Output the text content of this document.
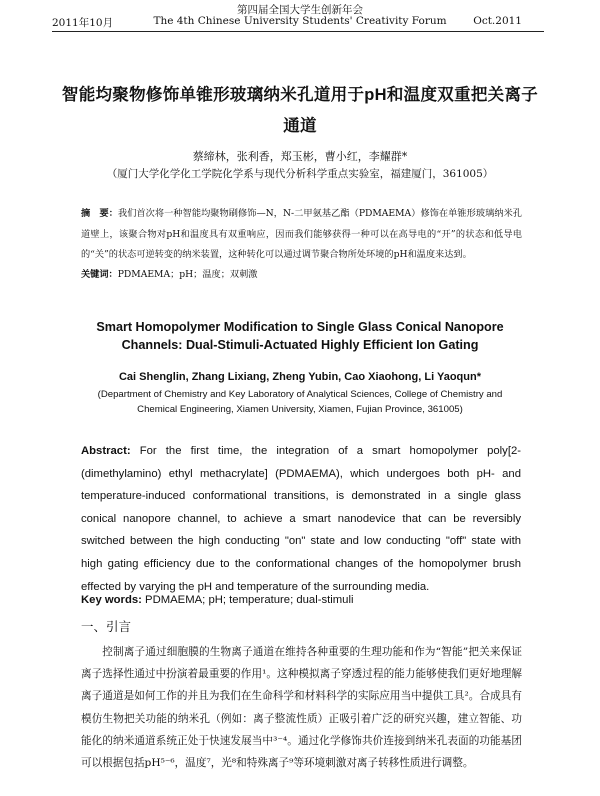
第四届全国大学生创新年会
2011年10月	The 4th Chinese University Students' Creativity Forum	Oct.2011
智能均聚物修饰单锥形玻璃纳米孔道用于pH和温度双重把关离子通道
蔡缔林，张利香，郑玉彬，曹小红，李耀群*
（厦门大学化学化工学院化学系与现代分析科学重点实验室，福建厦门，361005）
摘　要：我们首次将一种智能均聚物刷修饰—N，N-二甲氨基乙酯（PDMAEMA）修饰在单锥形玻璃纳米孔道壁上，该聚合物对pH和温度具有双重响应，因而我们能够获得一种可以在高导电的“开”的状态和低导电的“关”的状态可逆转变的纳米装置，这种转化可以通过调节聚合物所处环境的pH和温度来达到。
关键词：PDMAEMA；pH；温度；双刺激
Smart Homopolymer Modification to Single Glass Conical Nanopore Channels: Dual-Stimuli-Actuated Highly Efficient Ion Gating
Cai Shenglin, Zhang Lixiang, Zheng Yubin, Cao Xiaohong, Li Yaoqun*
(Department of Chemistry and Key Laboratory of Analytical Sciences, College of Chemistry and Chemical Engineering, Xiamen University, Xiamen, Fujian Province, 361005)
Abstract: For the first time, the integration of a smart homopolymer poly[2-(dimethylamino) ethyl methacrylate] (PDMAEMA), which undergoes both pH- and temperature-induced conformational transitions, is demonstrated in a single glass conical nanopore channel, to achieve a smart nanodevice that can be reversibly switched between the high conducting "on" state and low conducting "off" state with high gating efficiency due to the conformational changes of the homopolymer brush effected by varying the pH and temperature of the surrounding media.
Key words: PDMAEMA; pH; temperature; dual-stimuli
一、引言
控制离子通过细胞膜的生物离子通道在维持各种重要的生理功能和作为“智能”把关来保证离子选择性通过中扮演着最重要的作用¹。这种模拟离子穿透过程的能力能够使我们更好地理解离子通道是如何工作的并且为我们在生命科学和材料科学的实际应用当中提供工具²。合成具有模仿生物把关功能的纳米孔（例如：离子整流性质）正吸引着广泛的研究兴趣，建立智能、功能化的纳米通道系统正处于快速发展当中³⁻⁴。通过化学修饰共价连接到纳米孔表面的功能基团可以根据包括pH⁵⁻⁶，温度⁷，光⁸和特殊离子⁹等环境刺激对离子转移性质进行调整。
